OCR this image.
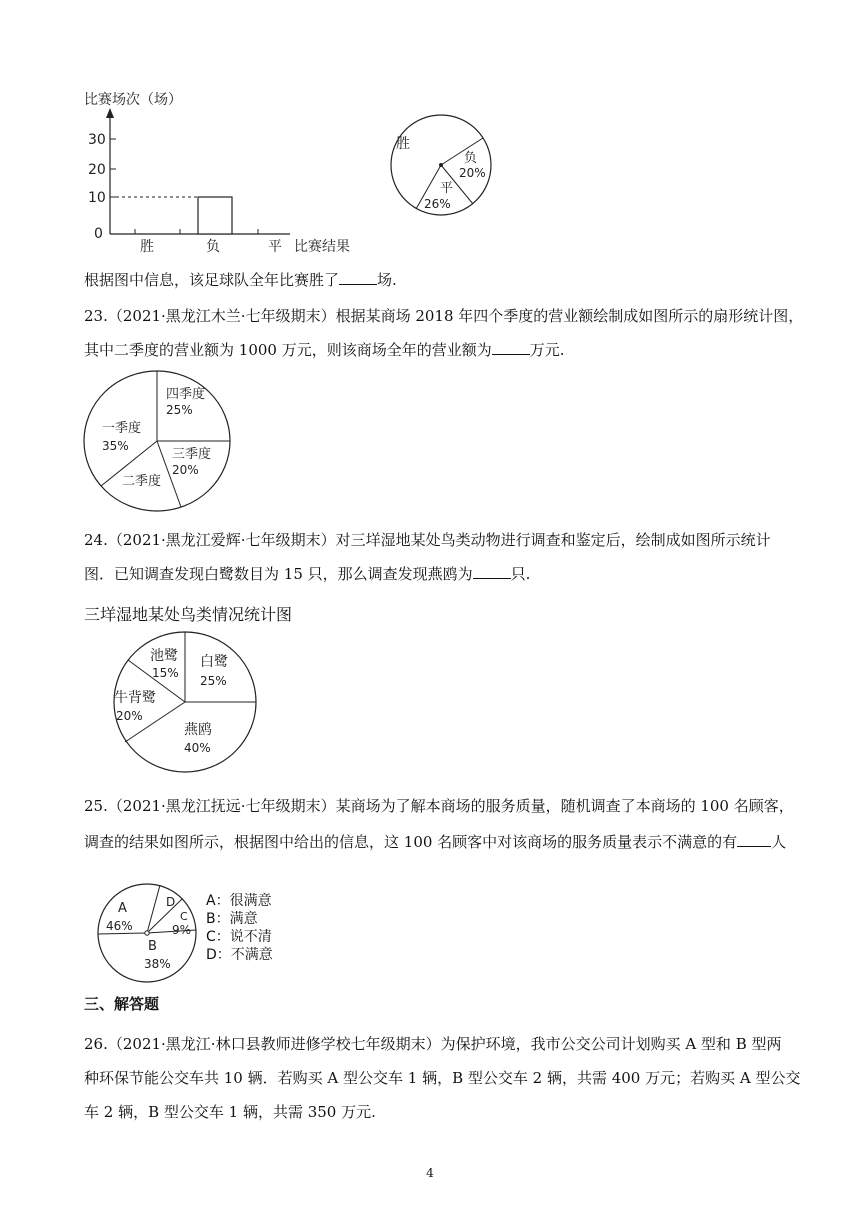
比赛场次（场）
30
20
10
0
胜	负	平 比赛结果
胜
负
20%
平
26%
根据图中信息，该足球队全年比赛胜了	场.
23.（2021·黑龙江木兰·七年级期末）根据某商场 2018 年四个季度的营业额绘制成如图所示的扇形统计图，
其中二季度的营业额为 1000 万元，则该商场全年的营业额为	万元.
一季度
35%
四季度
25%
三季度
20%
二季度
24.（2021·黑龙江爱辉·七年级期末）对三垟湿地某处鸟类动物进行调查和鉴定后，绘制成如图所示统计
图．已知调查发现白鹭数目为 15 只，那么调查发现燕鸥为	只.
三垟湿地某处鸟类情况统计图
池鹭
15%
白鹭
25%
牛背鹭
20%
燕鸥
40%
25.（2021·黑龙江抚远·七年级期末）某商场为了解本商场的服务质量，随机调查了本商场的 100 名顾客，
调查的结果如图所示，根据图中给出的信息，这 100 名顾客中对该商场的服务质量表示不满意的有 人
A
46%
B
38%
D
C
9%
A：很满意
B：满意
C：说不清
D：不满意
三、解答题
26.（2021·黑龙江·林口县教师进修学校七年级期末）为保护环境，我市公交公司计划购买 A 型和 B 型两
种环保节能公交车共 10 辆．若购买 A 型公交车 1 辆，B 型公交车 2 辆，共需 400 万元；若购买 A 型公交
车 2 辆，B 型公交车 1 辆，共需 350 万元.
4
